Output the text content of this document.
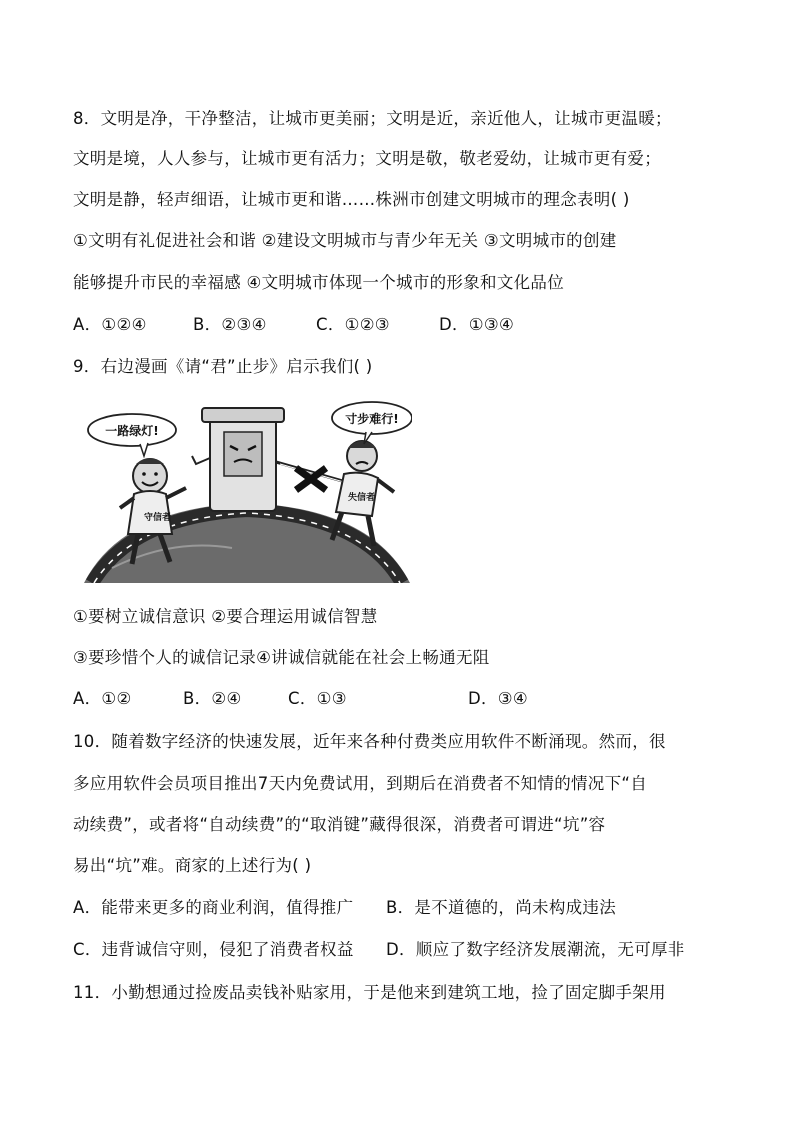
8．文明是净，干净整洁，让城市更美丽；文明是近，亲近他人，让城市更温暖；
文明是境，人人参与，让城市更有活力；文明是敬，敬老爱幼，让城市更有爱；
文明是静，轻声细语，让城市更和谐……株洲市创建文明城市的理念表明( )
①文明有礼促进社会和谐 ②建设文明城市与青少年无关 ③文明城市的创建
能够提升市民的幸福感 ④文明城市体现一个城市的形象和文化品位
A．①②④	B．②③④	C．①②③	D．①③④
9．右边漫画《请“君”止步》启示我们( )
守信者
一路绿灯!
失信者
寸步难行!
①要树立诚信意识 ②要合理运用诚信智慧
③要珍惜个人的诚信记录④讲诚信就能在社会上畅通无阻
A．①②	B．②④	C．①③	D．③④
10．随着数字经济的快速发展，近年来各种付费类应用软件不断涌现。然而，很
多应用软件会员项目推出7天内免费试用，到期后在消费者不知情的情况下“自
动续费”，或者将“自动续费”的“取消键”藏得很深，消费者可谓进“坑”容
易出“坑”难。商家的上述行为( )
A．能带来更多的商业利润，值得推广 B．是不道德的，尚未构成违法
C．违背诚信守则，侵犯了消费者权益 D．顺应了数字经济发展潮流，无可厚非
11．小勤想通过捡废品卖钱补贴家用，于是他来到建筑工地，捡了固定脚手架用
